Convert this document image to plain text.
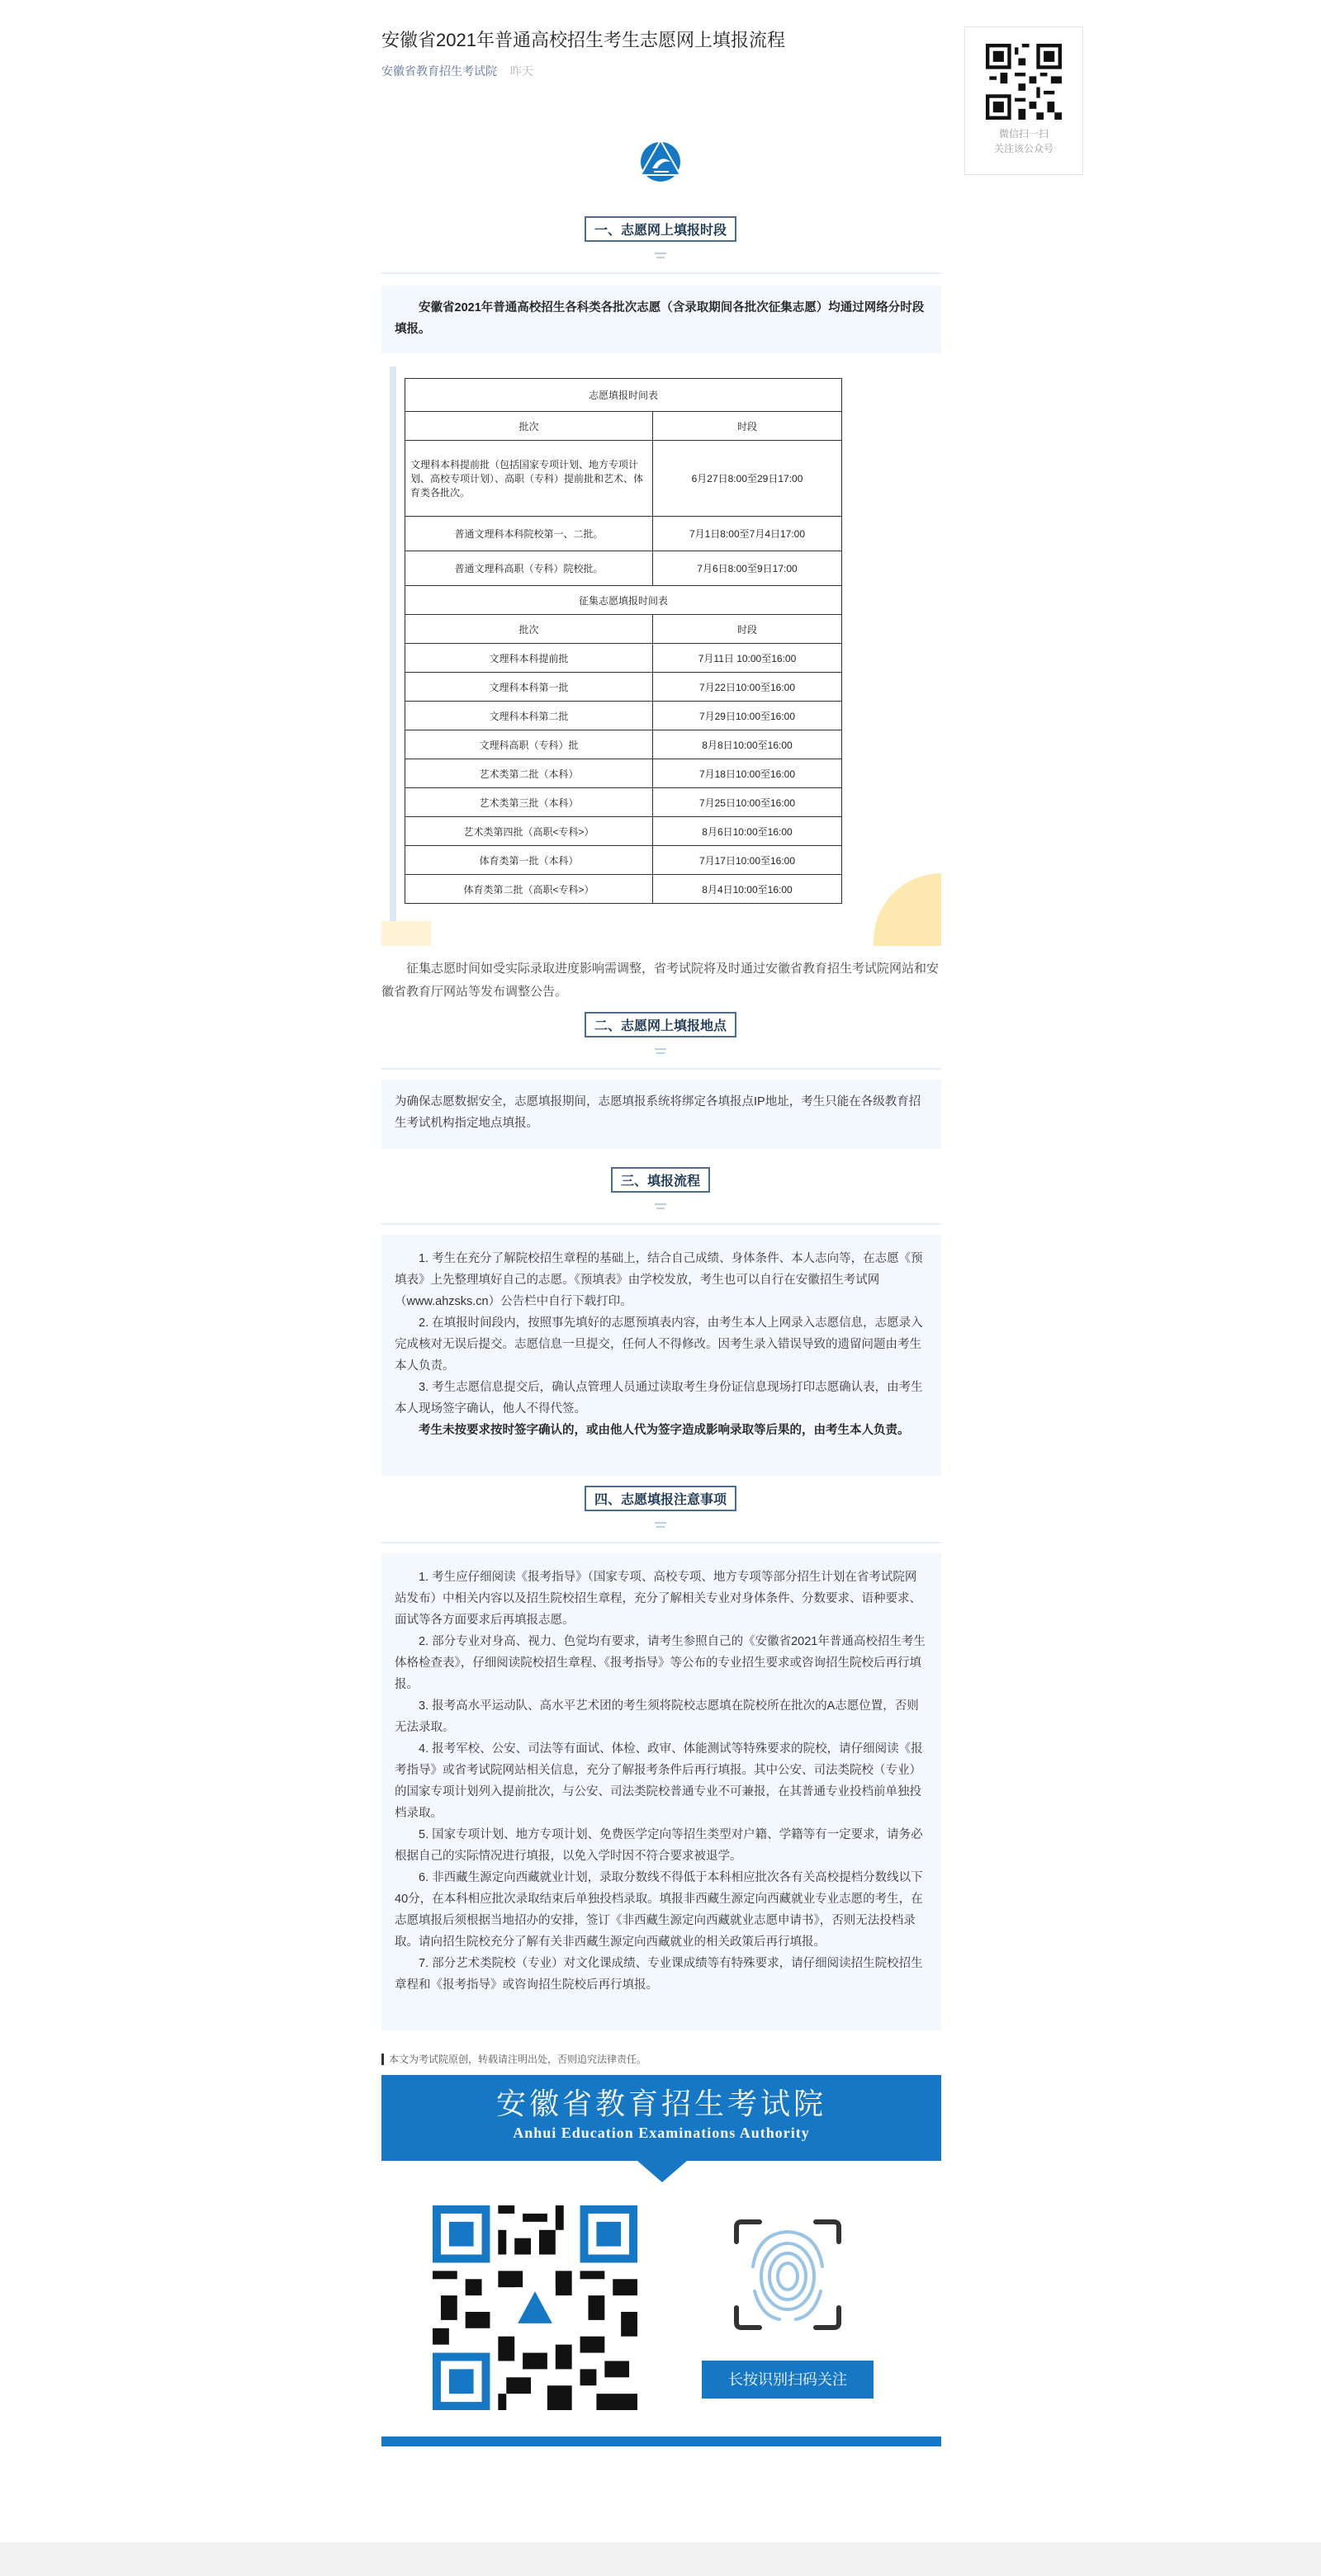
安徽省2021年普通高校招生考生志愿网上填报流程
安徽省教育招生考试院 昨天
微信扫一扫
关注该公众号
一、志愿网上填报时段

安徽省2021年普通高校招生各科类各批次志愿（含录取期间各批次征集志愿）均通过网络分时段填报。

志愿填报时间表	
批次	时段
文理科本科提前批（包括国家专项计划、地方专项计划、高校专项计划）、高职（专科）提前批和艺术、体育类各批次。	6月27日8:00至29日17:00
普通文理科本科院校第一、二批。	7月1日8:00至7月4日17:00
普通文理科高职（专科）院校批。	7月6日8:00至9日17:00
征集志愿填报时间表	
批次	时段
文理科本科提前批	7月11日 10:00至16:00
文理科本科第一批	7月22日10:00至16:00
文理科本科第二批	7月29日10:00至16:00
文理科高职（专科）批	8月8日10:00至16:00
艺术类第二批（本科）	7月18日10:00至16:00
艺术类第三批（本科）	7月25日10:00至16:00
艺术类第四批（高职<专科>）	8月6日10:00至16:00
体育类第一批（本科）	7月17日10:00至16:00
体育类第二批（高职<专科>）	8月4日10:00至16:00

征集志愿时间如受实际录取进度影响需调整，省考试院将及时通过安徽省教育招生考试院网站和安徽省教育厅网站等发布调整公告。

二、志愿网上填报地点

为确保志愿数据安全，志愿填报期间，志愿填报系统将绑定各填报点IP地址，考生只能在各级教育招生考试机构指定地点填报。

三、填报流程

1. 考生在充分了解院校招生章程的基础上，结合自己成绩、身体条件、本人志向等，在志愿《预填表》上先整理填好自己的志愿。《预填表》由学校发放，考生也可以自行在安徽招生考试网（www.ahzsks.cn）公告栏中自行下载打印。

2. 在填报时间段内，按照事先填好的志愿预填表内容，由考生本人上网录入志愿信息，志愿录入完成核对无误后提交。志愿信息一旦提交，任何人不得修改。因考生录入错误导致的遗留问题由考生本人负责。

3. 考生志愿信息提交后，确认点管理人员通过读取考生身份证信息现场打印志愿确认表，由考生本人现场签字确认，他人不得代签。

考生未按要求按时签字确认的，或由他人代为签字造成影响录取等后果的，由考生本人负责。

四、志愿填报注意事项

1. 考生应仔细阅读《报考指导》（国家专项、高校专项、地方专项等部分招生计划在省考试院网站发布）中相关内容以及招生院校招生章程，充分了解相关专业对身体条件、分数要求、语种要求、面试等各方面要求后再填报志愿。

2. 部分专业对身高、视力、色觉均有要求，请考生参照自己的《安徽省2021年普通高校招生考生体格检查表》，仔细阅读院校招生章程、《报考指导》等公布的专业招生要求或咨询招生院校后再行填报。

3. 报考高水平运动队、高水平艺术团的考生须将院校志愿填在院校所在批次的A志愿位置，否则无法录取。

4. 报考军校、公安、司法等有面试、体检、政审、体能测试等特殊要求的院校，请仔细阅读《报考指导》或省考试院网站相关信息，充分了解报考条件后再行填报。其中公安、司法类院校（专业）的国家专项计划列入提前批次，与公安、司法类院校普通专业不可兼报，在其普通专业投档前单独投档录取。

5. 国家专项计划、地方专项计划、免费医学定向等招生类型对户籍、学籍等有一定要求，请务必根据自己的实际情况进行填报，以免入学时因不符合要求被退学。

6. 非西藏生源定向西藏就业计划，录取分数线不得低于本科相应批次各有关高校提档分数线以下40分，在本科相应批次录取结束后单独投档录取。填报非西藏生源定向西藏就业专业志愿的考生，在志愿填报后须根据当地招办的安排，签订《非西藏生源定向西藏就业志愿申请书》，否则无法投档录取。请向招生院校充分了解有关非西藏生源定向西藏就业的相关政策后再行填报。

7. 部分艺术类院校（专业）对文化课成绩、专业课成绩等有特殊要求，请仔细阅读招生院校招生章程和《报考指导》或咨询招生院校后再行填报。

本文为考试院原创，转载请注明出处，否则追究法律责任。
安徽省教育招生考试院
Anhui Education Examinations Authority
长按识别扫码关注
